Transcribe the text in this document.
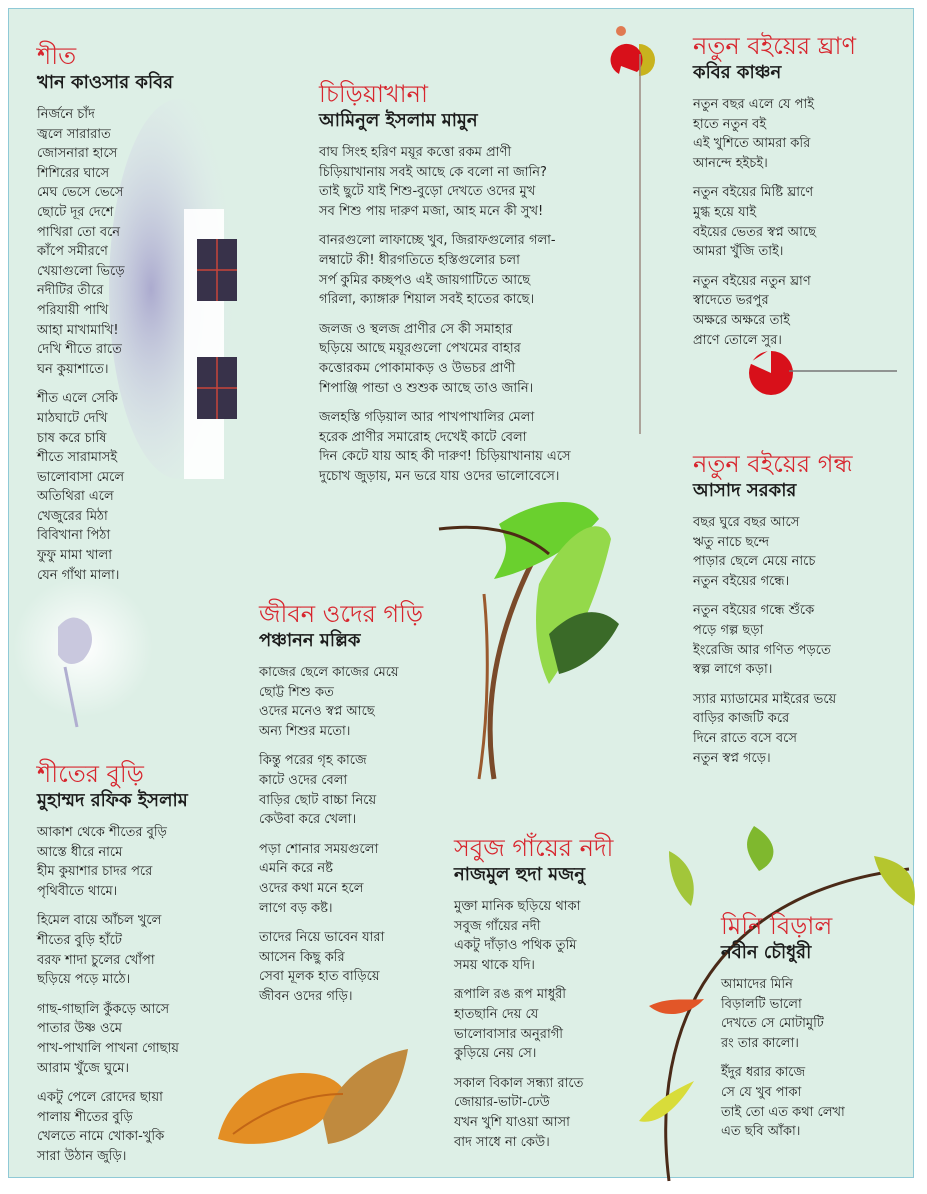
শীত
খান কাওসার কবির
নির্জনে চাঁদ
জ্বলে সারারাত
জোসনারা হাসে
শিশিরের ঘাসে
মেঘ ভেসে ভেসে
ছোটে দূর দেশে
পাখিরা তো বনে
কাঁপে সমীরণে
খেয়াগুলো ভিড়ে
নদীটির তীরে
পরিযায়ী পাখি
আহা মাখামাখি!
দেখি শীতে রাতে
ঘন কুয়াশাতে।
শীত এলে সেকি
মাঠঘাটে দেখি
চাষ করে চাষি
শীতে সারামাসই
ভালোবাসা মেলে
অতিথিরা এলে
খেজুরের মিঠা
বিবিখানা পিঠা
ফুফু মামা খালা
যেন গাঁথা মালা।
চিড়িয়াখানা
আমিনুল ইসলাম মামুন
বাঘ সিংহ হরিণ ময়ূর কত্তো রকম প্রাণী
চিড়িয়াখানায় সবই আছে কে বলো না জানি?
তাই ছুটে যাই শিশু-বুড়ো দেখতে ওদের মুখ
সব শিশু পায় দারুণ মজা, আহ মনে কী সুখ!
বানরগুলো লাফাচ্ছে খুব, জিরাফগুলোর গলা-
লম্বাটে কী! ধীরগতিতে হস্তিগুলোর চলা
সর্প কুমির কচ্ছপও এই জায়গাটিতে আছে
গরিলা, ক্যাঙ্গারু শিয়াল সবই হাতের কাছে।
জলজ ও স্থলজ প্রাণীর সে কী সমাহার
ছড়িয়ে আছে ময়ূরগুলো পেখমের বাহার
কত্তোরকম পোকামাকড় ও উভচর প্রাণী
শিপাঞ্জি পান্ডা ও শুশুক আছে তাও জানি।
জলহস্তি গড়িয়াল আর পাখপাখালির মেলা
হরেক প্রাণীর সমারোহ দেখেই কাটে বেলা
দিন কেটে যায় আহ কী দারুণ! চিড়িয়াখানায় এসে
দুচোখ জুড়ায়, মন ভরে যায় ওদের ভালোবেসে।
নতুন বইয়ের ঘ্রাণ
কবির কাঞ্চন
নতুন বছর এলে যে পাই
হাতে নতুন বই
এই খুশিতে আমরা করি
আনন্দে হইচই।
নতুন বইয়ের মিষ্টি ঘ্রাণে
মুগ্ধ হয়ে যাই
বইয়ের ভেতর স্বপ্ন আছে
আমরা খুঁজি তাই।
নতুন বইয়ের নতুন ঘ্রাণ
স্বাদেতে ভরপুর
অক্ষরে অক্ষরে তাই
প্রাণে তোলে সুর।
নতুন বইয়ের গন্ধ
আসাদ সরকার
বছর ঘুরে বছর আসে
ঋতু নাচে ছন্দে
পাড়ার ছেলে মেয়ে নাচে
নতুন বইয়ের গন্ধে।
নতুন বইয়ের গন্ধে শুঁকে
পড়ে গল্প ছড়া
ইংরেজি আর গণিত পড়তে
স্বল্প লাগে কড়া।
স্যার ম্যাডামের মাইরের ভয়ে
বাড়ির কাজটি করে
দিনে রাতে বসে বসে
নতুন স্বপ্ন গড়ে।
জীবন ওদের গড়ি
পঞ্চানন মল্লিক
কাজের ছেলে কাজের মেয়ে
ছোট্ট শিশু কত
ওদের মনেও স্বপ্ন আছে
অন্য শিশুর মতো।
কিন্তু পরের গৃহ কাজে
কাটে ওদের বেলা
বাড়ির ছোট বাচ্চা নিয়ে
কেউবা করে খেলা।
পড়া শোনার সময়গুলো
এমনি করে নষ্ট
ওদের কথা মনে হলে
লাগে বড় কষ্ট।
তাদের নিয়ে ভাবেন যারা
আসেন কিছু করি
সেবা মূলক হাত বাড়িয়ে
জীবন ওদের গড়ি।
শীতের বুড়ি
মুহাম্মদ রফিক ইসলাম
আকাশ থেকে শীতের বুড়ি
আস্তে ধীরে নামে
হীম কুয়াশার চাদর পরে
পৃথিবীতে থামে।
হিমেল বায়ে আঁচল খুলে
শীতের বুড়ি হাঁটে
বরফ শাদা চুলের খোঁপা
ছড়িয়ে পড়ে মাঠে।
গাছ-গাছালি কুঁকড়ে আসে
পাতার উষ্ণ ওমে
পাখ-পাখালি পাখনা গোছায়
আরাম খুঁজে ঘুমে।
একটু পেলে রোদের ছায়া
পালায় শীতের বুড়ি
খেলতে নামে খোকা-খুকি
সারা উঠান জুড়ি।
সবুজ গাঁয়ের নদী
নাজমুল হুদা মজনু
মুক্তা মানিক ছড়িয়ে থাকা
সবুজ গাঁয়ের নদী
একটু দাঁড়াও পথিক তুমি
সময় থাকে যদি।
রূপালি রঙ রূপ মাধুরী
হাতছানি দেয় যে
ভালোবাসার অনুরাগী
কুড়িয়ে নেয় সে।
সকাল বিকাল সন্ধ্যা রাতে
জোয়ার-ভাটা-ঢেউ
যখন খুশি যাওয়া আসা
বাদ সাধে না কেউ।
মিনি বিড়াল
নবীন চৌধুরী
আমাদের মিনি
বিড়ালটি ভালো
দেখতে সে মোটামুটি
রং তার কালো।
ইঁদুর ধরার কাজে
সে যে খুব পাকা
তাই তো এত কথা লেখা
এত ছবি আঁকা।
